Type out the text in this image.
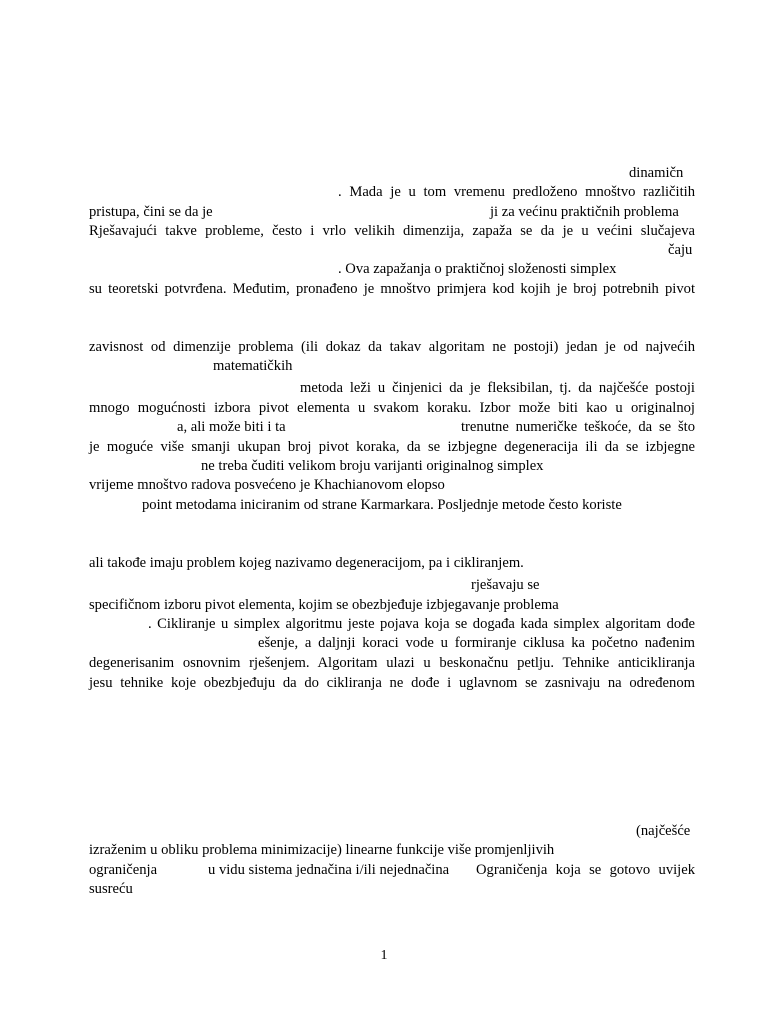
dinamičn
. Mada je u tom vremenu predloženo mnoštvo različitih
pristupa, čini se da je	ji za većinu praktičnih problema
Rješavajući takve probleme, često i vrlo velikih dimenzija, zapaža se da je u većini slučajeva
čaju
. Ova zapažanja o praktičnoj složenosti simplex
su teoretski potvrđena. Međutim, pronađeno je mnoštvo primjera kod kojih je broj potrebnih pivot
zavisnost od dimenzije problema (ili dokaz da takav algoritam ne postoji) jedan je od najvećih
matematičkih
metoda leži u činjenici da je fleksibilan, tj. da najčešće postoji
mnogo mogućnosti izbora pivot elementa u svakom koraku. Izbor može biti kao u originalnoj
a, ali može biti i ta	trenutne numeričke teškoće, da se što
je moguće više smanji ukupan broj pivot koraka, da se izbjegne degeneracija ili da se izbjegne
ne treba čuditi velikom broju varijanti originalnog simplex
vrijeme mnoštvo radova posvećeno je Khachianovom elopso
point metodama iniciranim od strane Karmarkara. Posljednje metode često koriste
ali takođe imaju problem kojeg nazivamo degeneracijom, pa i cikliranjem.
rješavaju se
specifičnom izboru pivot elementa, kojim se obezbjeđuje izbjegavanje problema
. Cikliranje u simplex algoritmu jeste pojava koja se događa kada simplex algoritam dođe
ešenje, a daljnji koraci vode u formiranje ciklusa ka početno nađenim
degenerisanim osnovnim rješenjem. Algoritam ulazi u beskonačnu petlju. Tehnike anticikliranja
jesu tehnike koje obezbjeđuju da do cikliranja ne dođe i uglavnom se zasnivaju na određenom
(najčešće
izraženim u obliku problema minimizacije) linearne funkcije više promjenljivih
ograničenja	u vidu sistema jednačina i/ili nejednačina Ograničenja koja se gotovo uvijek
susreću
1
